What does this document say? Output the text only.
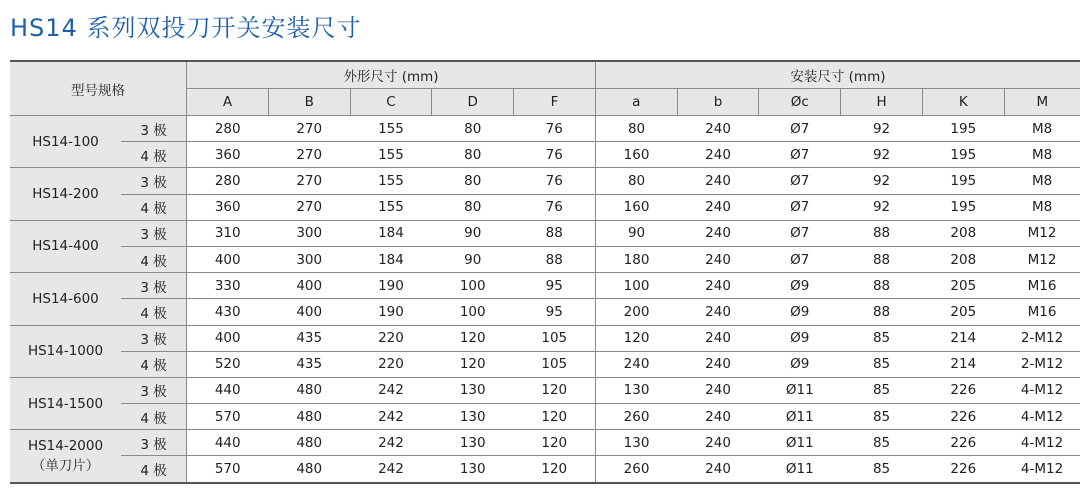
HS14 系列双投刀开关安装尺寸
型号规格		外形尺寸 (mm)					安装尺寸 (mm)					
		A	B	C	D	F	a	b	Øc	H	K	M

HS14-100	3 极	280	270	155	80	76	80	240	Ø7	92	195	M8
	4 极	360	270	155	80	76	160	240	Ø7	92	195	M8

HS14-200	3 极	280	270	155	80	76	80	240	Ø7	92	195	M8
	4 极	360	270	155	80	76	160	240	Ø7	92	195	M8

HS14-400	3 极	310	300	184	90	88	90	240	Ø7	88	208	M12
	4 极	400	300	184	90	88	180	240	Ø7	88	208	M12

HS14-600	3 极	330	400	190	100	95	100	240	Ø9	88	205	M16
	4 极	430	400	190	100	95	200	240	Ø9	88	205	M16

HS14-1000	3 极	400	435	220	120	105	120	240	Ø9	85	214	2-M12
	4 极	520	435	220	120	105	240	240	Ø9	85	214	2-M12

HS14-1500	3 极	440	480	242	130	120	130	240	Ø11	85	226	4-M12
	4 极	570	480	242	130	120	260	240	Ø11	85	226	4-M12

HS14-2000
（单刀片）	3 极	440	480	242	130	120	130	240	Ø11	85	226	4-M12
	4 极	570	480	242	130	120	260	240	Ø11	85	226	4-M12
